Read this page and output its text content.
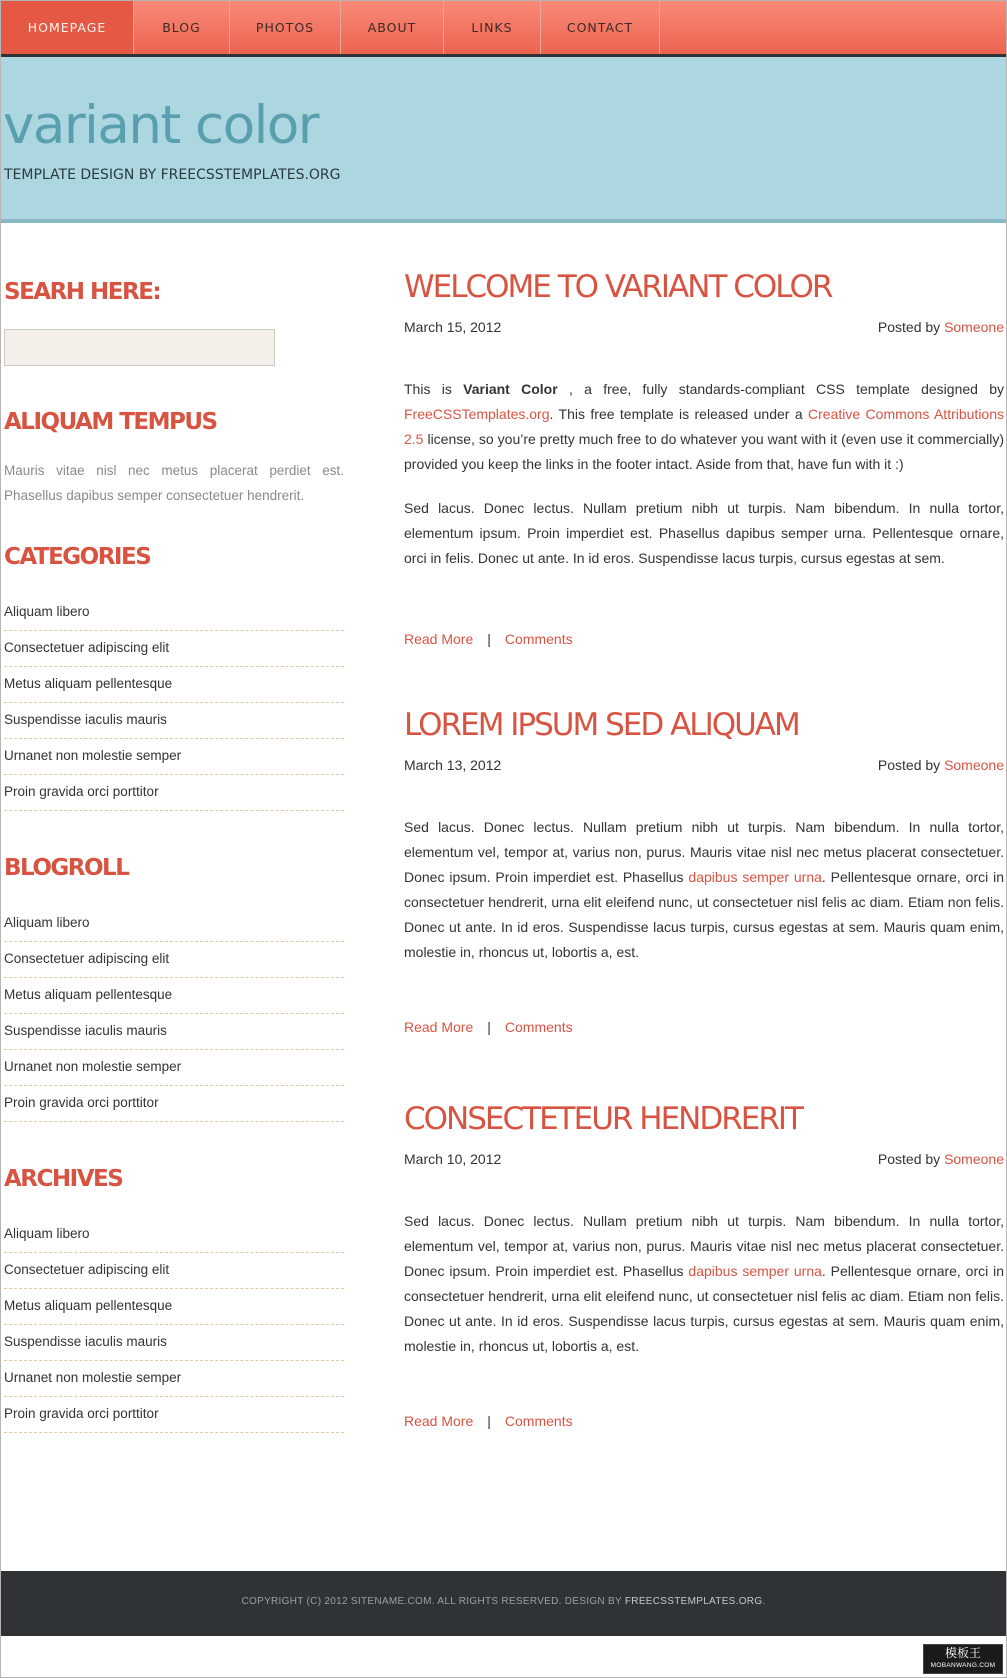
HOMEPAGE	BLOG	PHOTOS	ABOUT	LINKS	CONTACT
variant color
TEMPLATE DESIGN BY FREECSSTEMPLATES.ORG
SEARH HERE:
ALIQUAM TEMPUS
Mauris vitae nisl nec metus placerat perdiet est. Phasellus dapibus semper consectetuer hendrerit.
CATEGORIES
Aliquam libero
Consectetuer adipiscing elit
Metus aliquam pellentesque
Suspendisse iaculis mauris
Urnanet non molestie semper
Proin gravida orci porttitor
BLOGROLL
Aliquam libero
Consectetuer adipiscing elit
Metus aliquam pellentesque
Suspendisse iaculis mauris
Urnanet non molestie semper
Proin gravida orci porttitor
ARCHIVES
Aliquam libero
Consectetuer adipiscing elit
Metus aliquam pellentesque
Suspendisse iaculis mauris
Urnanet non molestie semper
Proin gravida orci porttitor
WELCOME TO VARIANT COLOR
March 15, 2012	Posted by Someone

This is Variant Color , a free, fully standards-compliant CSS template designed by FreeCSSTemplates.org. This free template is released under a Creative Commons Attributions 2.5 license, so you’re pretty much free to do whatever you want with it (even use it commercially) provided you keep the links in the footer intact. Aside from that, have fun with it :)

Sed lacus. Donec lectus. Nullam pretium nibh ut turpis. Nam bibendum. In nulla tortor, elementum ipsum. Proin imperdiet est. Phasellus dapibus semper urna. Pellentesque ornare, orci in felis. Donec ut ante. In id eros. Suspendisse lacus turpis, cursus egestas at sem.

Read More | Comments
LOREM IPSUM SED ALIQUAM
March 13, 2012	Posted by Someone

Sed lacus. Donec lectus. Nullam pretium nibh ut turpis. Nam bibendum. In nulla tortor, elementum vel, tempor at, varius non, purus. Mauris vitae nisl nec metus placerat consectetuer. Donec ipsum. Proin imperdiet est. Phasellus dapibus semper urna. Pellentesque ornare, orci in consectetuer hendrerit, urna elit eleifend nunc, ut consectetuer nisl felis ac diam. Etiam non felis. Donec ut ante. In id eros. Suspendisse lacus turpis, cursus egestas at sem. Mauris quam enim, molestie in, rhoncus ut, lobortis a, est.

Read More | Comments
CONSECTETEUR HENDRERIT
March 10, 2012	Posted by Someone

Sed lacus. Donec lectus. Nullam pretium nibh ut turpis. Nam bibendum. In nulla tortor, elementum vel, tempor at, varius non, purus. Mauris vitae nisl nec metus placerat consectetuer. Donec ipsum. Proin imperdiet est. Phasellus dapibus semper urna. Pellentesque ornare, orci in consectetuer hendrerit, urna elit eleifend nunc, ut consectetuer nisl felis ac diam. Etiam non felis. Donec ut ante. In id eros. Suspendisse lacus turpis, cursus egestas at sem. Mauris quam enim, molestie in, rhoncus ut, lobortis a, est.

Read More | Comments
COPYRIGHT (C) 2012 SITENAME.COM. ALL RIGHTS RESERVED. DESIGN BY FREECSSTEMPLATES.ORG.
模板王
MOBANWANG.COM
